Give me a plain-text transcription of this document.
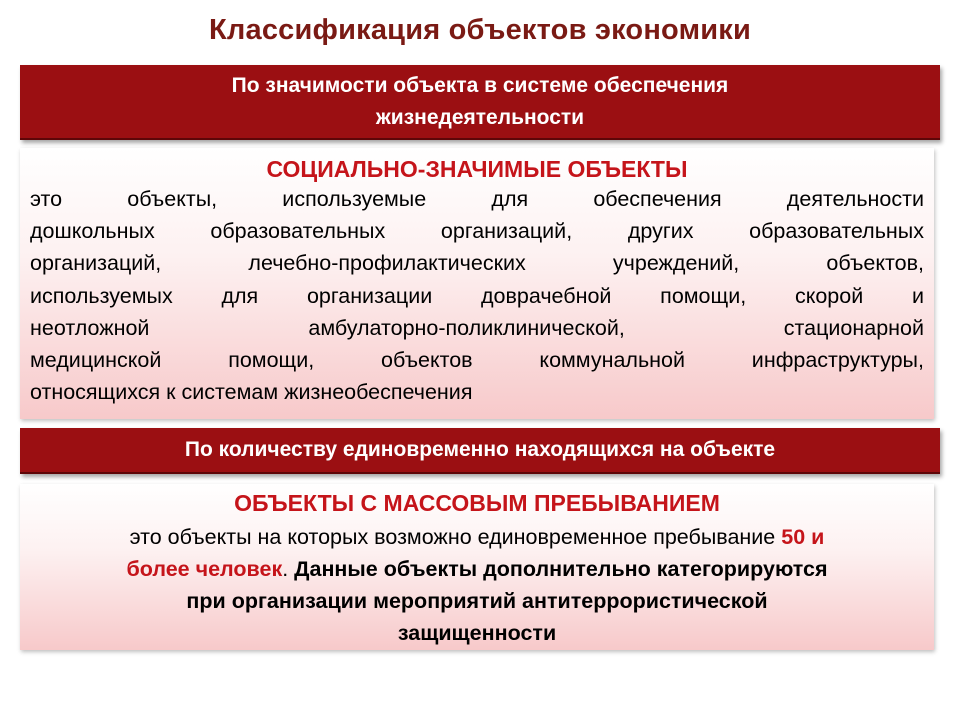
Классификация объектов экономики
По значимости объекта в системе обеспечения
жизнедеятельности
СОЦИАЛЬНО-ЗНАЧИМЫЕ ОБЪЕКТЫ
это объекты, используемые для обеспечения деятельности
дошкольных образовательных организаций, других образовательных
организаций, лечебно-профилактических учреждений, объектов,
используемых для организации доврачебной помощи, скорой и
неотложной амбулаторно-поликлинической, стационарной
медицинской помощи, объектов коммунальной инфраструктуры,
относящихся к системам жизнеобеспечения
По количеству единовременно находящихся на объекте
ОБЪЕКТЫ С МАССОВЫМ ПРЕБЫВАНИЕМ
это объекты на которых возможно единовременное пребывание 50 и
более человек. Данные объекты дополнительно категорируются
при организации мероприятий антитеррористической
защищенности
